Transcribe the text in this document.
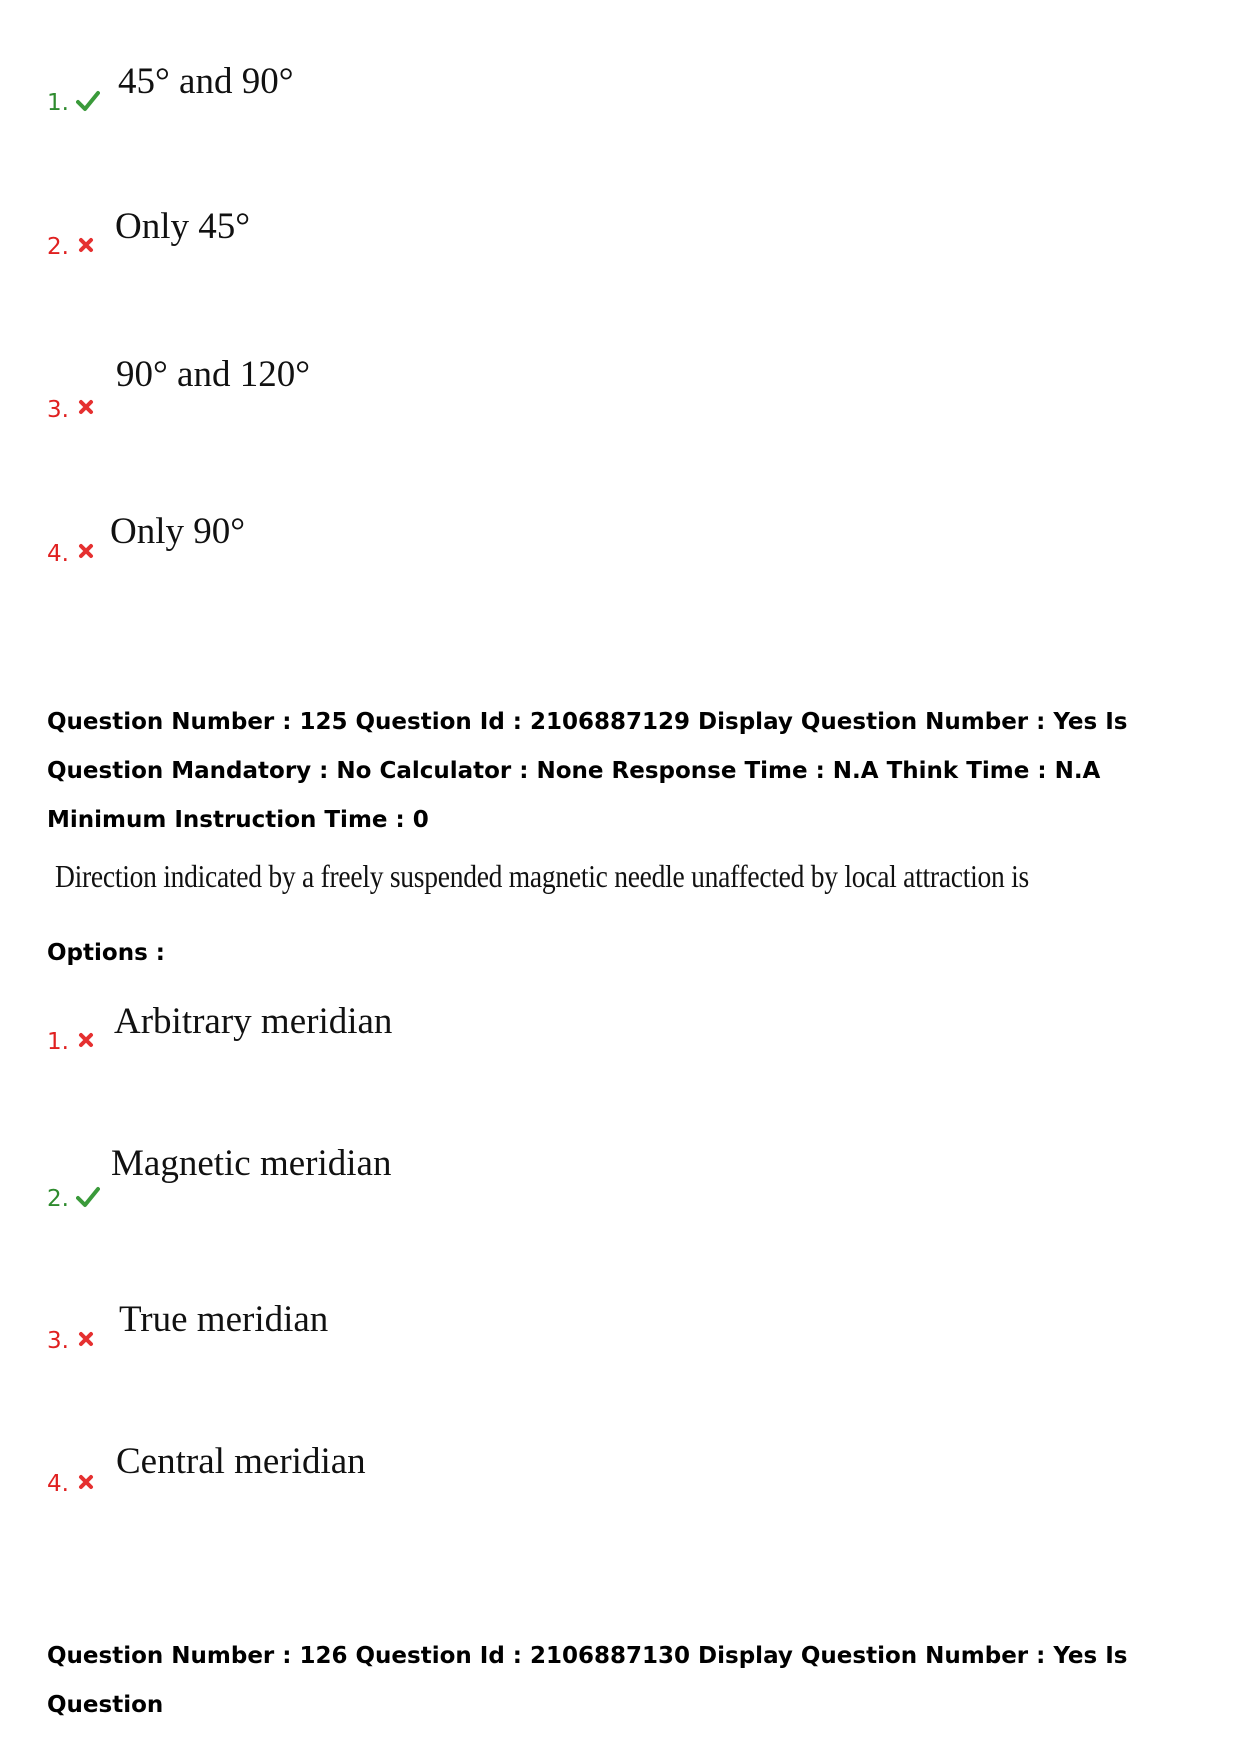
1.
45° and 90°
2. Only 45°
3.
90° and 120°
4.
Only 90°
Question Number : 125 Question Id : 2106887129 Display Question Number : Yes Is Question Mandatory : No Calculator : None Response Time : N.A Think Time : N.A Minimum Instruction Time : 0
Direction indicated by a freely suspended magnetic needle unaffected by local attraction is
Options :
1. Arbitrary meridian
2.
Magnetic meridian
3.
True meridian
4.
Central meridian
Question Number : 126 Question Id : 2106887130 Display Question Number : Yes Is Question
